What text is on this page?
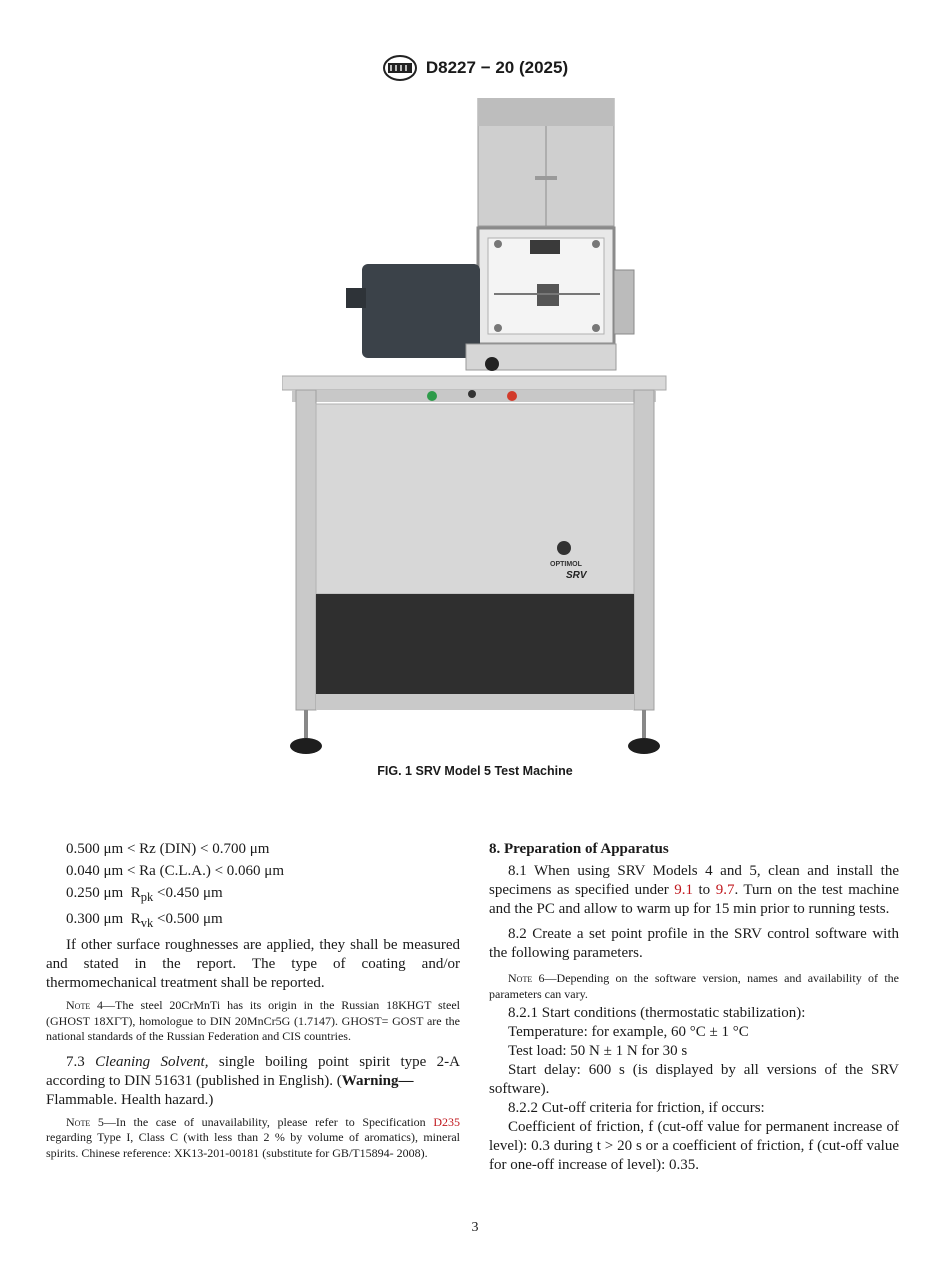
D8227 − 20 (2025)
OPTIMOL
SRV
FIG. 1 SRV Model 5 Test Machine
0.500 μm < Rz (DIN) < 0.700 μm
0.040 μm < Ra (C.L.A.) < 0.060 μm
0.250 μm $R_{pk} <0.450$ μm
0.300 μm $R_{vk} <0.500$ μm

If other surface roughnesses are applied, they shall be measured and stated in the report. The type of coating and/or thermomechanical treatment shall be reported.

Note 4—The steel 20CrMnTi has its origin in the Russian 18KHGT steel (GHOST 18XГT), homologue to DIN 20MnCr5G (1.7147). GHOST= GOST are the national standards of the Russian Federation and CIS countries.

7.3 Cleaning Solvent, single boiling point spirit type 2-A according to DIN 51631 (published in English). (Warning—
Flammable. Health hazard.)

Note 5—In the case of unavailability, please refer to Specification D235 regarding Type I, Class C (with less than 2 % by volume of aromatics), mineral spirits. Chinese reference: XK13-201-00181 (substitute for GB/T15894- 2008).
8. Preparation of Apparatus

8.1 When using SRV Models 4 and 5, clean and install the specimens as specified under 9.1 to 9.7. Turn on the test machine and the PC and allow to warm up for 15 min prior to running tests.

8.2 Create a set point profile in the SRV control software with the following parameters.

Note 6—Depending on the software version, names and availability of the parameters can vary.

8.2.1 Start conditions (thermostatic stabilization):

Temperature: for example, 60 °C ± 1 °C

Test load: 50 N ± 1 N for 30 s

Start delay: 600 s (is displayed by all versions of the SRV software).

8.2.2 Cut-off criteria for friction, if occurs:

Coefficient of friction, f (cut-off value for permanent increase of level): 0.3 during t > 20 s or a coefficient of friction, f (cut-off value for one-off increase of level): 0.35.

3
